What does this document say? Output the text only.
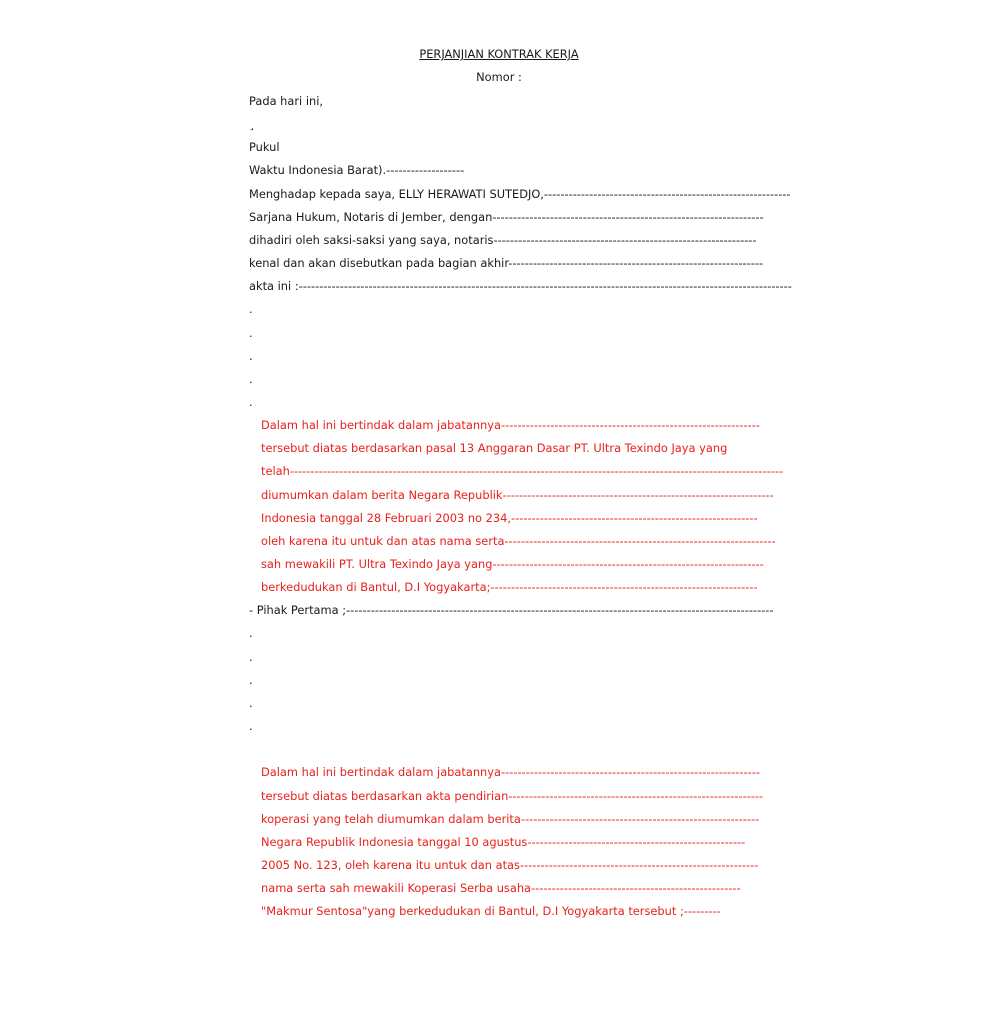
PERJANJIAN KONTRAK KERJA
Nomor :
Pada hari ini,
¸
Pukul
Waktu Indonesia Barat).-------------------
Menghadap kepada saya, ELLY HERAWATI SUTEDJO,------------------------------------------------------------
Sarjana Hukum, Notaris di Jember, dengan------------------------------------------------------------------
dihadiri oleh saksi-saksi yang saya, notaris----------------------------------------------------------------
kenal dan akan disebutkan pada bagian akhir--------------------------------------------------------------
akta ini :------------------------------------------------------------------------------------------------------------------------
.
.
.
.
.
Dalam hal ini bertindak dalam jabatannya---------------------------------------------------------------
tersebut diatas berdasarkan pasal 13 Anggaran Dasar PT. Ultra Texindo Jaya yang
telah------------------------------------------------------------------------------------------------------------------------
diumumkan dalam berita Negara Republik------------------------------------------------------------------
Indonesia tanggal 28 Februari 2003 no 234,------------------------------------------------------------
oleh karena itu untuk dan atas nama serta------------------------------------------------------------------
sah mewakili PT. Ultra Texindo Jaya yang------------------------------------------------------------------
berkedudukan di Bantul, D.I Yogyakarta;-----------------------------------------------------------------
- Pihak Pertama ;--------------------------------------------------------------------------------------------------------
.
.
.
.
.
Dalam hal ini bertindak dalam jabatannya---------------------------------------------------------------
tersebut diatas berdasarkan akta pendirian--------------------------------------------------------------
koperasi yang telah diumumkan dalam berita----------------------------------------------------------
Negara Republik Indonesia tanggal 10 agustus-----------------------------------------------------
2005 No. 123, oleh karena itu untuk dan atas----------------------------------------------------------
nama serta sah mewakili Koperasi Serba usaha---------------------------------------------------
"Makmur Sentosa"yang berkedudukan di Bantul, D.I Yogyakarta tersebut ;---------
